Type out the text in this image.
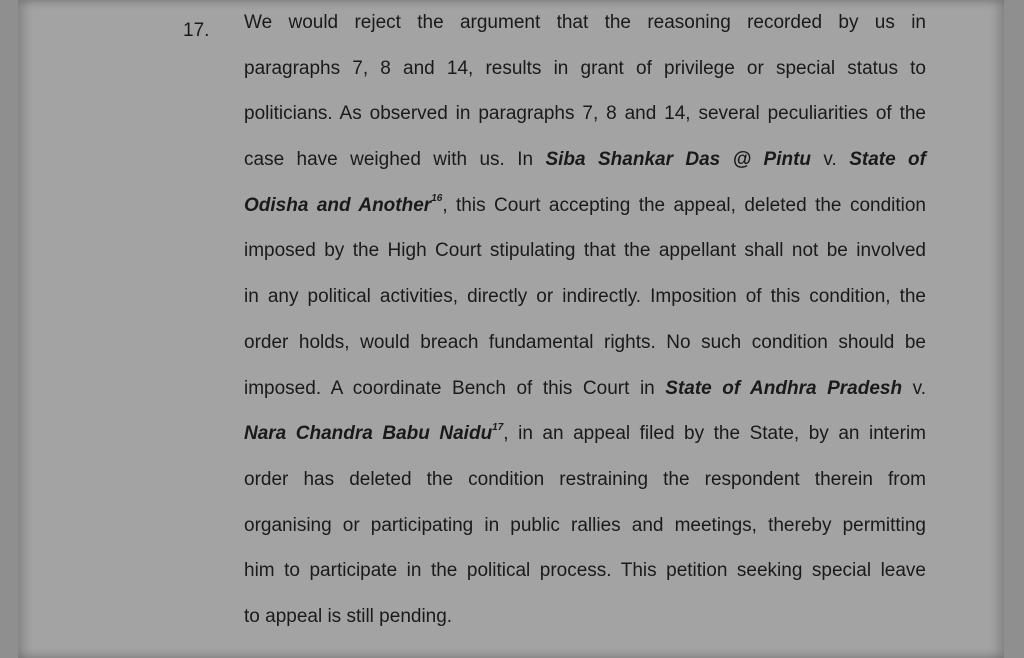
17. We would reject the argument that the reasoning recorded by us in
paragraphs 7, 8 and 14, results in grant of privilege or special status to
politicians. As observed in paragraphs 7, 8 and 14, several peculiarities of the
case have weighed with us. In Siba Shankar Das @ Pintu v. State of
Odisha and Another$^{16}$, this Court accepting the appeal, deleted the condition
imposed by the High Court stipulating that the appellant shall not be involved
in any political activities, directly or indirectly. Imposition of this condition, the
order holds, would breach fundamental rights. No such condition should be
imposed. A coordinate Bench of this Court in State of Andhra Pradesh v.
Nara Chandra Babu Naidu$^{17}$, in an appeal filed by the State, by an interim
order has deleted the condition restraining the respondent therein from
organising or participating in public rallies and meetings, thereby permitting
him to participate in the political process. This petition seeking special leave
to appeal is still pending.
